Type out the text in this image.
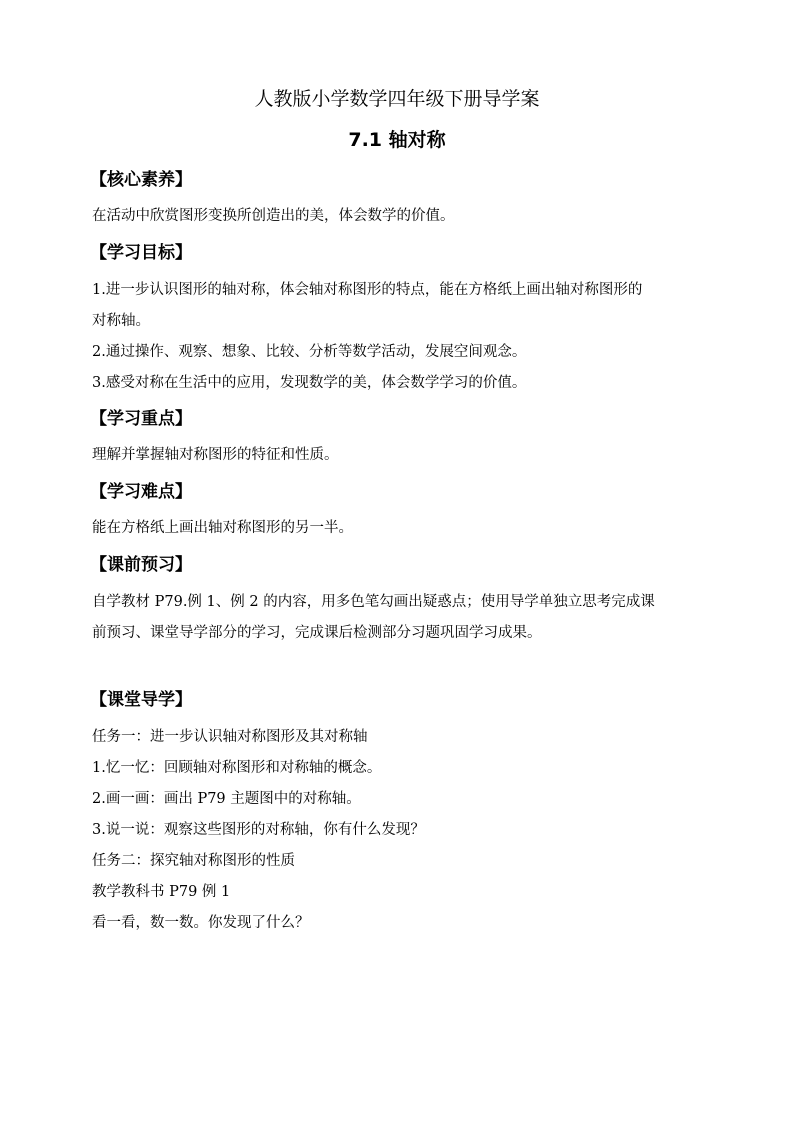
人教版小学数学四年级下册导学案
7.1 轴对称
【核心素养】
在活动中欣赏图形变换所创造出的美，体会数学的价值。
【学习目标】
1.进一步认识图形的轴对称，体会轴对称图形的特点，能在方格纸上画出轴对称图形的
对称轴。
2.通过操作、观察、想象、比较、分析等数学活动，发展空间观念。
3.感受对称在生活中的应用，发现数学的美，体会数学学习的价值。
【学习重点】
理解并掌握轴对称图形的特征和性质。
【学习难点】
能在方格纸上画出轴对称图形的另一半。
【课前预习】
自学教材 P79.例 1、例 2 的内容，用多色笔勾画出疑惑点；使用导学单独立思考完成课
前预习、课堂导学部分的学习，完成课后检测部分习题巩固学习成果。
【课堂导学】
任务一：进一步认识轴对称图形及其对称轴
1.忆一忆：回顾轴对称图形和对称轴的概念。
2.画一画：画出 P79 主题图中的对称轴。
3.说一说：观察这些图形的对称轴，你有什么发现？
任务二：探究轴对称图形的性质
教学教科书 P79 例 1
看一看，数一数。你发现了什么？
